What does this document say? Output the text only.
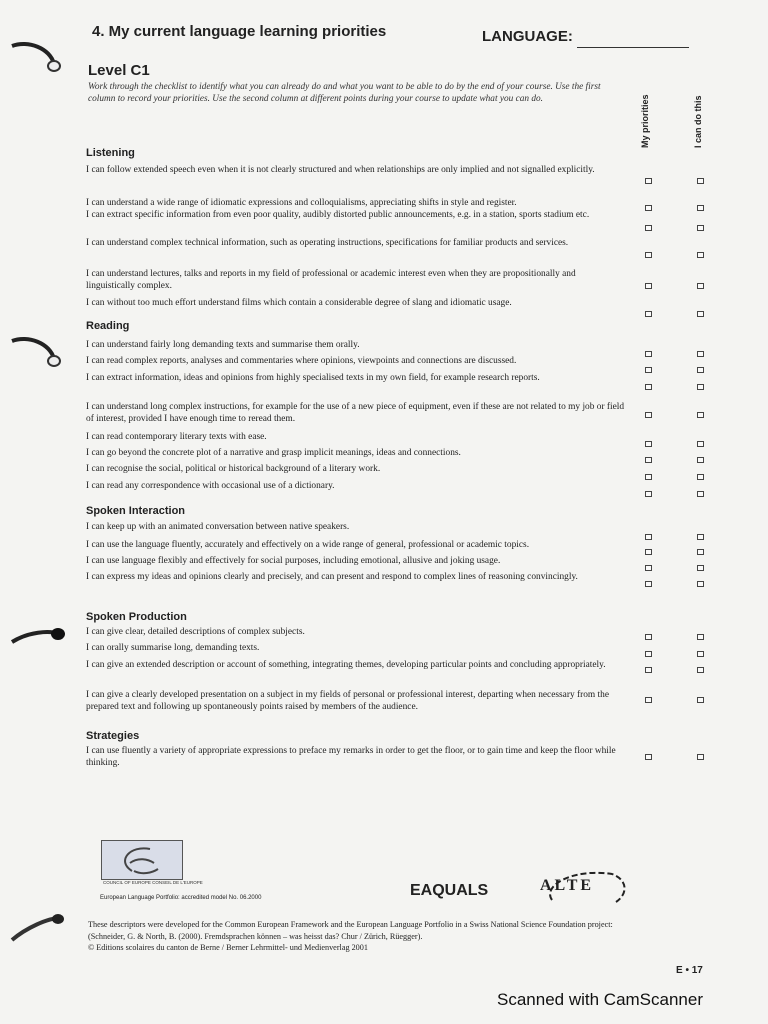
4. My current language learning priorities	LANGUAGE:
Level C1
Work through the checklist to identify what you can already do and what you want to be able to do by the end of your course. Use the first column to record your priorities. Use the second column at different points during your course to update what you can do.	My priorities	I can do this
Listening
I can follow extended speech even when it is not clearly structured and when relationships are only implied and not signalled explicitly.
I can understand a wide range of idiomatic expressions and colloquialisms, appreciating shifts in style and register.
I can extract specific information from even poor quality, audibly distorted public announcements, e.g. in a station, sports stadium etc.
I can understand complex technical information, such as operating instructions, specifications for familiar products and services.
I can understand lectures, talks and reports in my field of professional or academic interest even when they are propositionally and linguistically complex.
I can without too much effort understand films which contain a considerable degree of slang and idiomatic usage.
Reading
I can understand fairly long demanding texts and summarise them orally.
I can read complex reports, analyses and commentaries where opinions, viewpoints and connections are discussed.
I can extract information, ideas and opinions from highly specialised texts in my own field, for example research reports.
I can understand long complex instructions, for example for the use of a new piece of equipment, even if these are not related to my job or field of interest, provided I have enough time to reread them.
I can read contemporary literary texts with ease.
I can go beyond the concrete plot of a narrative and grasp implicit meanings, ideas and connections.
I can recognise the social, political or historical background of a literary work.
I can read any correspondence with occasional use of a dictionary.
Spoken Interaction
I can keep up with an animated conversation between native speakers.
I can use the language fluently, accurately and effectively on a wide range of general, professional or academic topics.
I can use language flexibly and effectively for social purposes, including emotional, allusive and joking usage.
I can express my ideas and opinions clearly and precisely, and can present and respond to complex lines of reasoning convincingly.
Spoken Production
I can give clear, detailed descriptions of complex subjects.
I can orally summarise long, demanding texts.
I can give an extended description or account of something, integrating themes, developing particular points and concluding appropriately.
I can give a clearly developed presentation on a subject in my fields of personal or professional interest, departing when necessary from the prepared text and following up spontaneously points raised by members of the audience.
Strategies
I can use fluently a variety of appropriate expressions to preface my remarks in order to get the floor, or to gain time and keep the floor while thinking.
COUNCIL OF EUROPE CONSEIL DE L'EUROPE
European Language Portfolio: accredited model No. 06.2000	EAQUALS	ALTE
These descriptors were developed for the Common European Framework and the European Language Portfolio in a Swiss National Science Foundation project: (Schneider, G. & North, B. (2000). Fremdsprachen können – was heisst das? Chur / Zürich, Rüegger).
© Editions scolaires du canton de Berne / Berner Lehrmittel- und Medienverlag 2001
E • 17
Scanned with CamScanner
